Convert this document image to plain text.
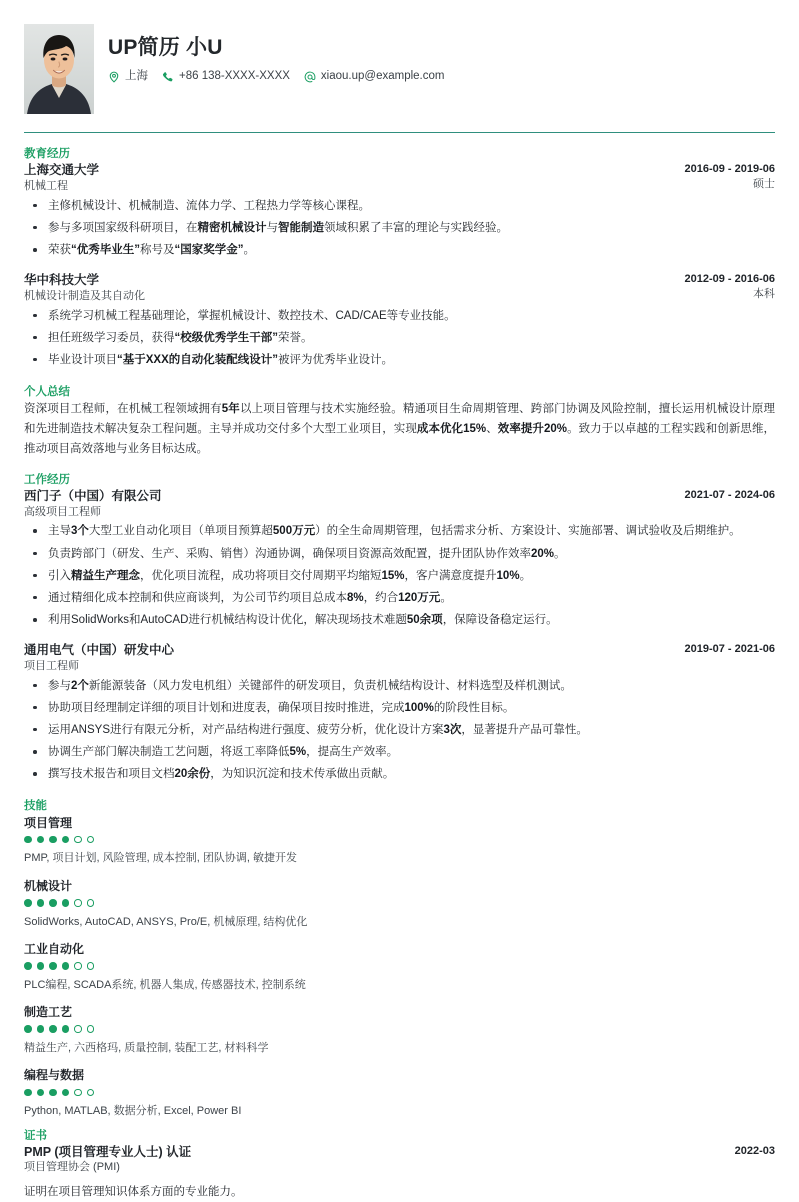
UP简历 小U
上海	+86 138-XXXX-XXXX	xiaou.up@example.com
教育经历
上海交通大学
机械工程
2016-09 - 2019-06
硕士
主修机械设计、机械制造、流体力学、工程热力学等核心课程。
参与多项国家级科研项目，在精密机械设计与智能制造领域积累了丰富的理论与实践经验。
荣获“优秀毕业生”称号及“国家奖学金”。
华中科技大学
机械设计制造及其自动化
2012-09 - 2016-06
本科
系统学习机械工程基础理论，掌握机械设计、数控技术、CAD/CAE等专业技能。
担任班级学习委员，获得“校级优秀学生干部”荣誉。
毕业设计项目“基于XXX的自动化装配线设计”被评为优秀毕业设计。
个人总结

资深项目工程师，在机械工程领域拥有5年以上项目管理与技术实施经验。精通项目生命周期管理、跨部门协调及风险控制，擅长运用机械设计原理和先进制造技术解决复杂工程问题。主导并成功交付多个大型工业项目，实现成本优化15%、效率提升20%。致力于以卓越的工程实践和创新思维，推动项目高效落地与业务目标达成。

工作经历
西门子（中国）有限公司
高级项目工程师
2021-07 - 2024-06
主导3个大型工业自动化项目（单项目预算超500万元）的全生命周期管理，包括需求分析、方案设计、实施部署、调试验收及后期维护。
负责跨部门（研发、生产、采购、销售）沟通协调，确保项目资源高效配置，提升团队协作效率20%。
引入精益生产理念，优化项目流程，成功将项目交付周期平均缩短15%，客户满意度提升10%。
通过精细化成本控制和供应商谈判，为公司节约项目总成本8%，约合120万元。
利用SolidWorks和AutoCAD进行机械结构设计优化，解决现场技术难题50余项，保障设备稳定运行。
通用电气（中国）研发中心
项目工程师
2019-07 - 2021-06
参与2个新能源装备（风力发电机组）关键部件的研发项目，负责机械结构设计、材料选型及样机测试。
协助项目经理制定详细的项目计划和进度表，确保项目按时推进，完成100%的阶段性目标。
运用ANSYS进行有限元分析，对产品结构进行强度、疲劳分析，优化设计方案3次，显著提升产品可靠性。
协调生产部门解决制造工艺问题，将返工率降低5%，提高生产效率。
撰写技术报告和项目文档20余份，为知识沉淀和技术传承做出贡献。
技能
项目管理
PMP, 项目计划, 风险管理, 成本控制, 团队协调, 敏捷开发
机械设计
SolidWorks, AutoCAD, ANSYS, Pro/E, 机械原理, 结构优化
工业自动化
PLC编程, SCADA系统, 机器人集成, 传感器技术, 控制系统
制造工艺
精益生产, 六西格玛, 质量控制, 装配工艺, 材料科学
编程与数据
Python, MATLAB, 数据分析, Excel, Power BI
证书
PMP (项目管理专业人士) 认证
项目管理协会 (PMI)
2022-03
证明在项目管理知识体系方面的专业能力。
